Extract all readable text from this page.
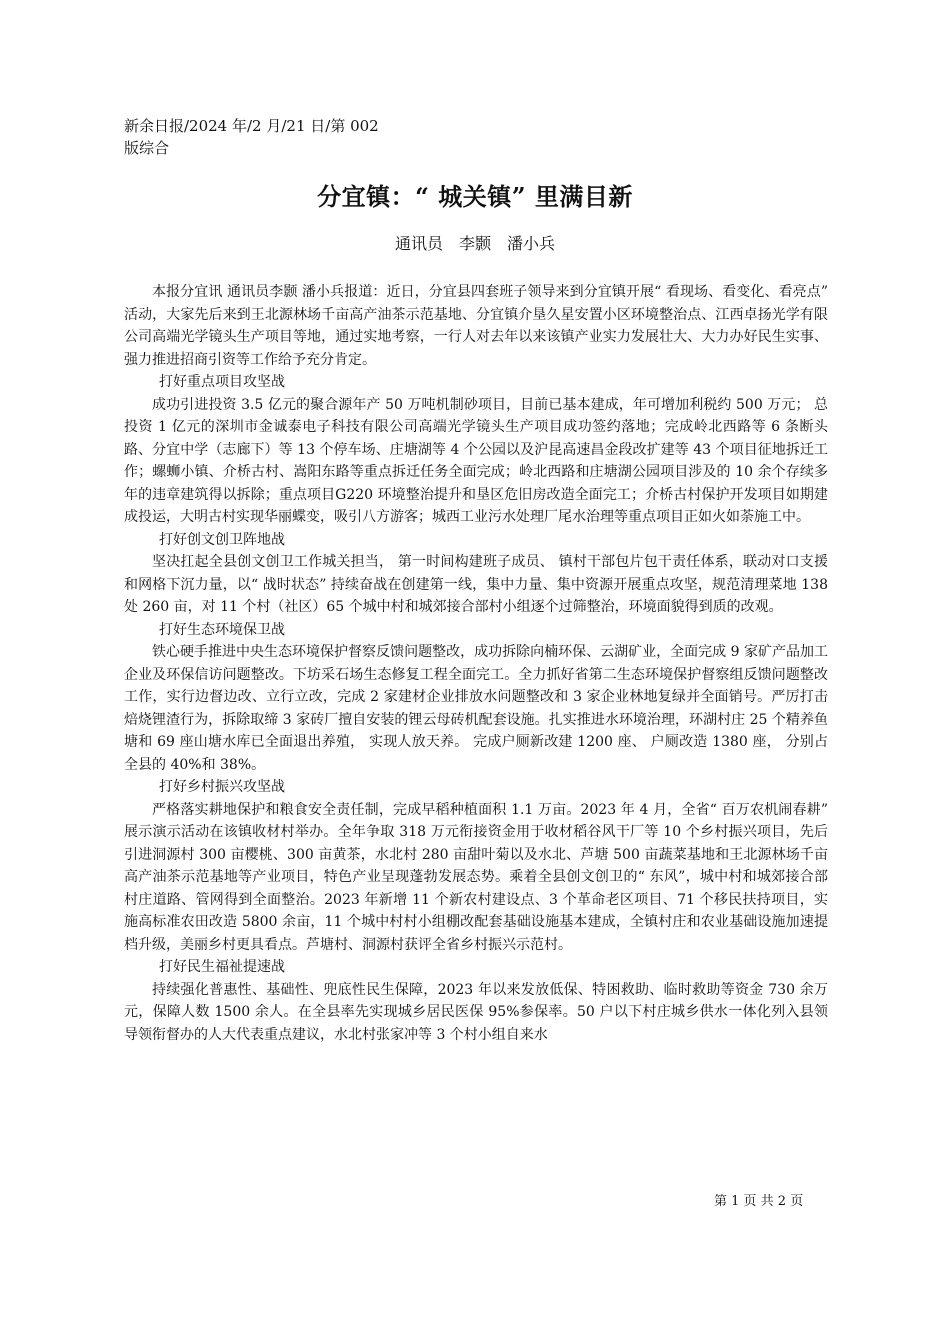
新余日报/2024 年/2 月/21 日/第 002
版综合
分宜镇：“ 城关镇” 里满目新
通讯员　李颢　潘小兵

本报分宜讯 通讯员李颢 潘小兵报道：近日，分宜县四套班子领导来到分宜镇开展“ 看现场、看变化、看亮点” 活动，大家先后来到王北源林场千亩高产油茶示范基地、分宜镇介垦久星安置小区环境整治点、江西卓扬光学有限公司高端光学镜头生产项目等地，通过实地考察，一行人对去年以来该镇产业实力发展壮大、大力办好民生实事、强力推进招商引资等工作给予充分肯定。

打好重点项目攻坚战

成功引进投资 3.5 亿元的聚合源年产 50 万吨机制砂项目，目前已基本建成，年可增加利税约 500 万元； 总投资 1 亿元的深圳市金诚泰电子科技有限公司高端光学镜头生产项目成功签约落地；完成岭北西路等 6 条断头路、分宜中学（志廊下）等 13 个停车场、庄塘湖等 4 个公园以及沪昆高速昌金段改扩建等 43 个项目征地拆迁工作；螺蛳小镇、介桥古村、嵩阳东路等重点拆迁任务全面完成；岭北西路和庄塘湖公园项目涉及的 10 余个存续多年的违章建筑得以拆除；重点项目G220 环境整治提升和垦区危旧房改造全面完工；介桥古村保护开发项目如期建成投运，大明古村实现华丽蝶变，吸引八方游客；城西工业污水处理厂尾水治理等重点项目正如火如荼施工中。

打好创文创卫阵地战

坚决扛起全县创文创卫工作城关担当， 第一时间构建班子成员、 镇村干部包片包干责任体系，联动对口支援和网格下沉力量，以“ 战时状态” 持续奋战在创建第一线，集中力量、集中资源开展重点攻坚，规范清理菜地 138 处 260 亩，对 11 个村（社区）65 个城中村和城郊接合部村小组逐个过筛整治，环境面貌得到质的改观。

打好生态环境保卫战

铁心硬手推进中央生态环境保护督察反馈问题整改，成功拆除向楠环保、云湖矿业，全面完成 9 家矿产品加工企业及环保信访问题整改。下坊采石场生态修复工程全面完工。全力抓好省第二生态环境保护督察组反馈问题整改工作，实行边督边改、立行立改，完成 2 家建材企业排放水问题整改和 3 家企业林地复绿并全面销号。严厉打击焙烧锂渣行为，拆除取缔 3 家砖厂擅自安装的锂云母砖机配套设施。扎实推进水环境治理，环湖村庄 25 个精养鱼塘和 69 座山塘水库已全面退出养殖， 实现人放天养。 完成户厕新改建 1200 座、 户厕改造 1380 座， 分别占全县的 40%和 38%。

打好乡村振兴攻坚战

严格落实耕地保护和粮食安全责任制，完成早稻种植面积 1.1 万亩。2023 年 4 月，全省“ 百万农机闹春耕” 展示演示活动在该镇收材村举办。全年争取 318 万元衔接资金用于收材稻谷风干厂等 10 个乡村振兴项目，先后引进洞源村 300 亩樱桃、300 亩黄茶，水北村 280 亩甜叶菊以及水北、芦塘 500 亩蔬菜基地和王北源林场千亩高产油茶示范基地等产业项目，特色产业呈现蓬勃发展态势。乘着全县创文创卫的“ 东风”，城中村和城郊接合部村庄道路、管网得到全面整治。2023 年新增 11 个新农村建设点、3 个革命老区项目、71 个移民扶持项目，实施高标准农田改造 5800 余亩，11 个城中村村小组棚改配套基础设施基本建成，全镇村庄和农业基础设施加速提档升级，美丽乡村更具看点。芦塘村、洞源村获评全省乡村振兴示范村。

打好民生福祉提速战

持续强化普惠性、基础性、兜底性民生保障，2023 年以来发放低保、特困救助、临时救助等资金 730 余万元，保障人数 1500 余人。在全县率先实现城乡居民医保 95%参保率。50 户以下村庄城乡供水一体化列入县领导领衔督办的人大代表重点建议，水北村张家冲等 3 个村小组自来水

第 1 页 共 2 页
